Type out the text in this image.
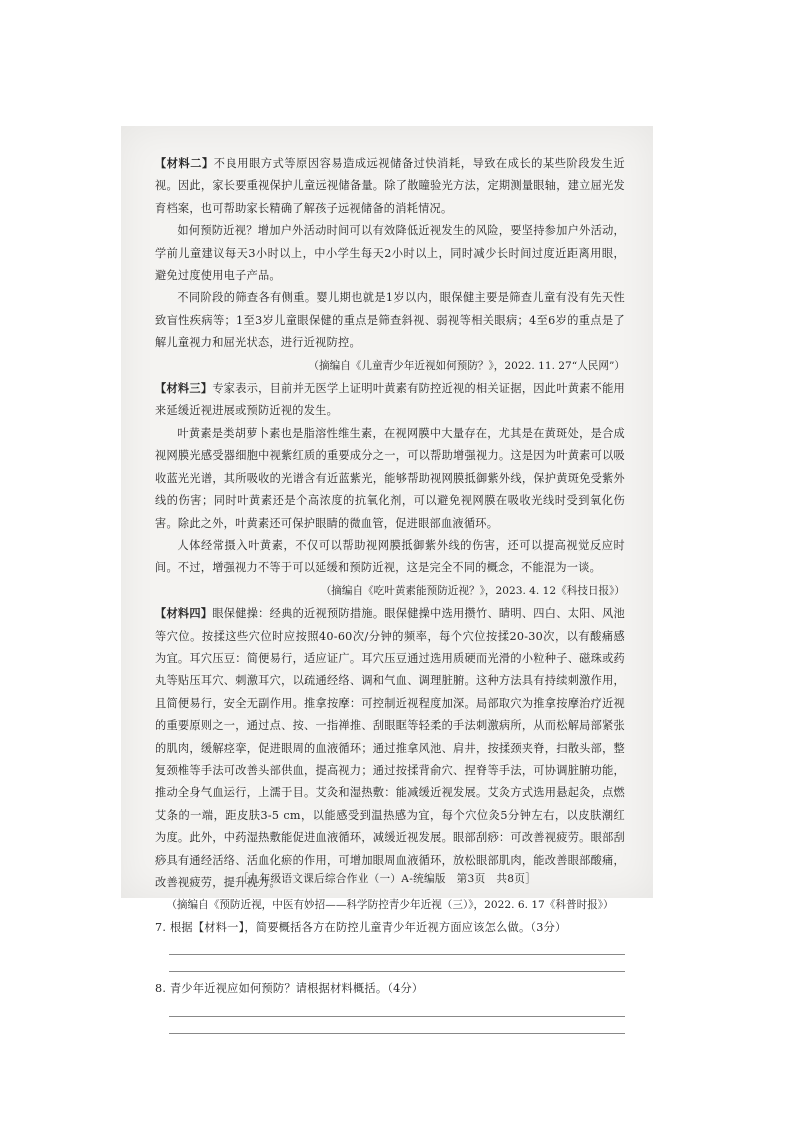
【材料二】不良用眼方式等原因容易造成远视储备过快消耗，导致在成长的某些阶段发生近视。因此，家长要重视保护儿童远视储备量。除了散瞳验光方法，定期测量眼轴，建立屈光发育档案，也可帮助家长精确了解孩子远视储备的消耗情况。

如何预防近视？增加户外活动时间可以有效降低近视发生的风险，要坚持参加户外活动，学前儿童建议每天3小时以上，中小学生每天2小时以上，同时减少长时间过度近距离用眼，避免过度使用电子产品。

不同阶段的筛查各有侧重。婴儿期也就是1岁以内，眼保健主要是筛查儿童有没有先天性致盲性疾病等；1至3岁儿童眼保健的重点是筛查斜视、弱视等相关眼病；4至6岁的重点是了解儿童视力和屈光状态，进行近视防控。

（摘编自《儿童青少年近视如何预防？》，2022. 11. 27“人民网”）

【材料三】专家表示，目前并无医学上证明叶黄素有防控近视的相关证据，因此叶黄素不能用来延缓近视进展或预防近视的发生。

叶黄素是类胡萝卜素也是脂溶性维生素，在视网膜中大量存在，尤其是在黄斑处，是合成视网膜光感受器细胞中视紫红质的重要成分之一，可以帮助增强视力。这是因为叶黄素可以吸收蓝光光谱，其所吸收的光谱含有近蓝紫光，能够帮助视网膜抵御紫外线，保护黄斑免受紫外线的伤害；同时叶黄素还是个高浓度的抗氧化剂，可以避免视网膜在吸收光线时受到氧化伤害。除此之外，叶黄素还可保护眼睛的微血管，促进眼部血液循环。

人体经常摄入叶黄素，不仅可以帮助视网膜抵御紫外线的伤害，还可以提高视觉反应时间。不过，增强视力不等于可以延缓和预防近视，这是完全不同的概念，不能混为一谈。

（摘编自《吃叶黄素能预防近视？》，2023. 4. 12《科技日报》）

【材料四】眼保健操：经典的近视预防措施。眼保健操中选用攒竹、睛明、四白、太阳、风池等穴位。按揉这些穴位时应按照40-60次/分钟的频率，每个穴位按揉20-30次，以有酸痛感为宜。耳穴压豆：简便易行，适应证广。耳穴压豆通过选用质硬而光滑的小粒种子、磁珠或药丸等贴压耳穴、刺激耳穴，以疏通经络、调和气血、调理脏腑。这种方法具有持续刺激作用，且简便易行，安全无副作用。推拿按摩：可控制近视程度加深。局部取穴为推拿按摩治疗近视的重要原则之一，通过点、按、一指禅推、刮眼眶等轻柔的手法刺激病所，从而松解局部紧张的肌肉，缓解痉挛，促进眼周的血液循环；通过推拿风池、肩井，按揉颈夹脊，扫散头部，整复颈椎等手法可改善头部供血，提高视力；通过按揉背俞穴、捏脊等手法，可协调脏腑功能，推动全身气血运行，上濡于目。艾灸和湿热敷：能减缓近视发展。艾灸方式选用悬起灸，点燃艾条的一端，距皮肤3-5 cm，以能感受到温热感为宜，每个穴位灸5分钟左右，以皮肤潮红为度。此外，中药湿热敷能促进血液循环，减缓近视发展。眼部刮痧：可改善视疲劳。眼部刮痧具有通经活络、活血化瘀的作用，可增加眼周血液循环，放松眼部肌肉，能改善眼部酸痛，改善视疲劳，提升视力。

（摘编自《预防近视，中医有妙招——科学防控青少年近视（三）》，2022. 6. 17《科普时报》）

7. 根据【材料一】，简要概括各方在防控儿童青少年近视方面应该怎么做。（3分）

8. 青少年近视应如何预防？请根据材料概括。（4分）

［九年级语文课后综合作业（一）A-统编版　第3页　共8页］
